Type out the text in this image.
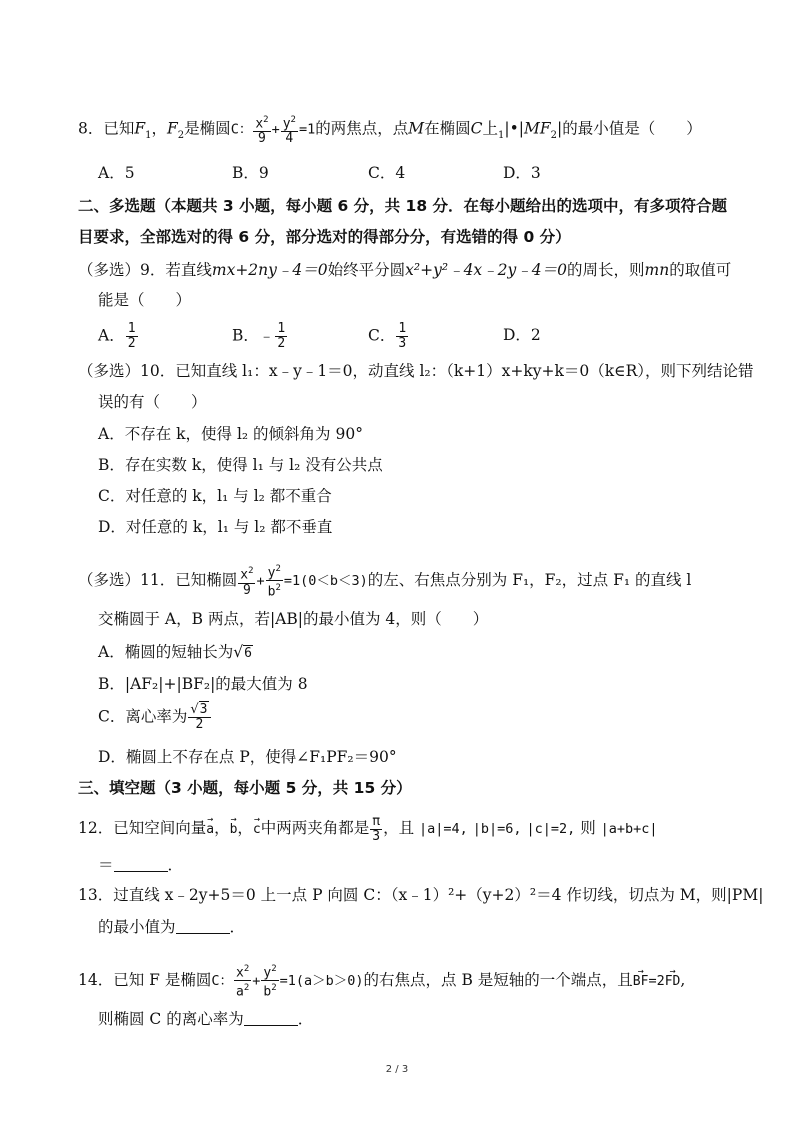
8．已知$F_1$，$F_2$是椭圆C： $\frac{x^2}{9} + \frac{y^2}{4} =1$的两焦点，点M在椭圆C上$_1|•|MF_2|$的最小值是（　　）
A．5	B．9	C．4	D．3
二、多选题（本题共 3 小题，每小题 6 分，共 18 分．在每小题给出的选项中，有多项符合题
目要求，全部选对的得 6 分，部分选对的得部分分，有选错的得 0 分）
（多选）9．若直线mx+2ny﹣4＝0始终平分圆x²+y²﹣4x﹣2y﹣4＝0的周长，则mn的取值可
能是（　　）
A． $\frac{1}{2}$	B．﹣ $\frac{1}{2}$	C． $\frac{1}{3}$	D．2
（多选）10．已知直线 l₁：x﹣y﹣1＝0，动直线 l₂：（k+1）x+ky+k＝0（k∈R），则下列结论错
误的有（　　）
A．不存在 k，使得 l₂ 的倾斜角为 90°
B．存在实数 k，使得 l₁ 与 l₂ 没有公共点
C．对任意的 k，l₁ 与 l₂ 都不重合
D．对任意的 k，l₁ 与 l₂ 都不垂直
（多选）11．已知椭圆 $\frac{x^2}{9} + \frac{y^2}{b^2} =1(0<b<3)$的左、右焦点分别为 F₁，F₂，过点 F₁ 的直线 l
交椭圆于 A，B 两点，若|AB|的最小值为 4，则（　　）
A．椭圆的短轴长为√6
B．|AF₂|+|BF₂|的最大值为 8
C．离心率为 $\frac{√3}{2}$
D．椭圆上不存在点 P，使得∠F₁PF₂＝90°
三、填空题（3 小题，每小题 5 分，共 15 分）
12．已知空间向量→ a，→ b，→ c中两两夹角都是 $\frac{\pi}{3}$ ，且 |a|=4, |b|=6, |c|=2, 则 |a+b+c|
＝	．
13．过直线 x﹣2y+5＝0 上一点 P 向圆 C：（x﹣1）²+（y+2）²＝4 作切线，切点为 M，则|PM|
的最小值为	．
14．已知 F 是椭圆C： $\frac{x^2}{a^2} + \frac{y^2}{b^2} =1(a>b>0)$的右焦点，点 B 是短轴的一个端点，且→ BF=2→ FD,
则椭圆 C 的离心率为	．
2 / 3
